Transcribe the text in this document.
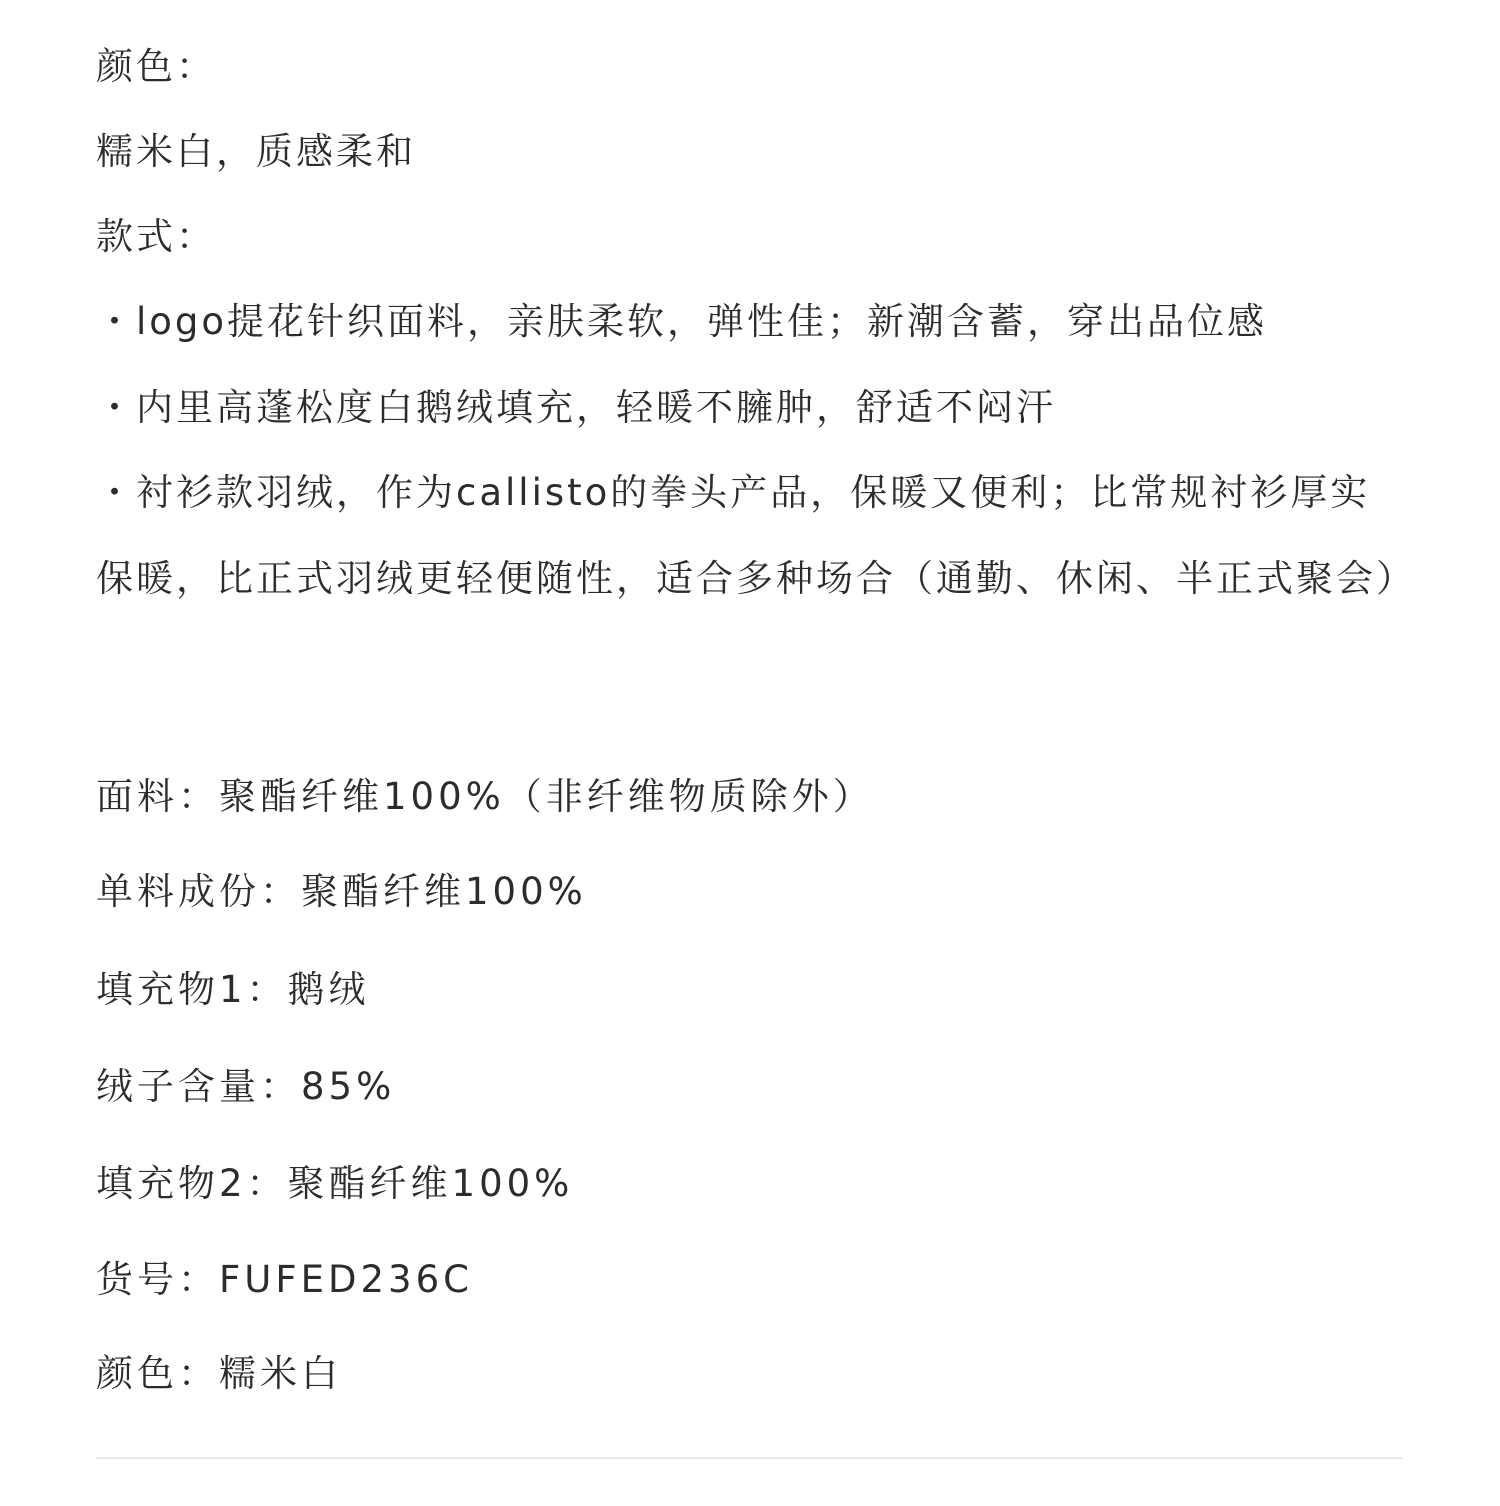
颜色：
糯米白，质感柔和
款式：
・logo提花针织面料，亲肤柔软，弹性佳；新潮含蓄，穿出品位感
・内里高蓬松度白鹅绒填充，轻暖不臃肿，舒适不闷汗
・衬衫款羽绒，作为callisto的拳头产品，保暖又便利；比常规衬衫厚实保暖，比正式羽绒更轻便随性，适合多种场合（通勤、休闲、半正式聚会）
面料：聚酯纤维100%（非纤维物质除外）
单料成份：聚酯纤维100%
填充物1：鹅绒
绒子含量：85%
填充物2：聚酯纤维100%
货号：FUFED236C
颜色：糯米白
